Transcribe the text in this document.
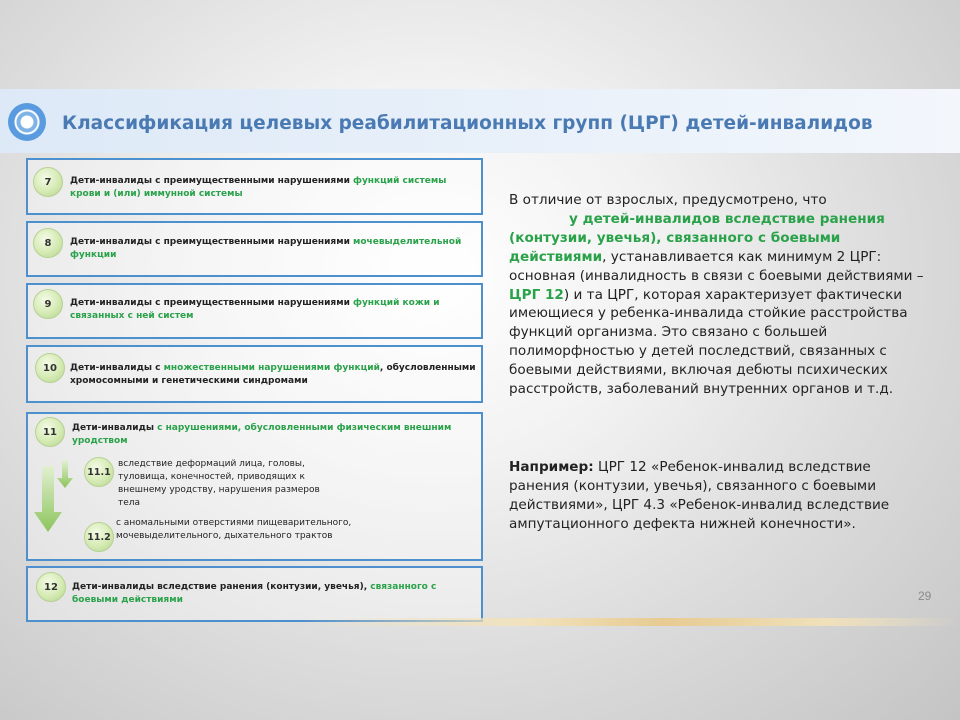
Классификация целевых реабилитационных групп (ЦРГ) детей-инвалидов
7	Дети-инвалиды с преимущественными нарушениями функций системы крови и (или) иммунной системы
8	Дети-инвалиды с преимущественными нарушениями мочевыделительной функции
9	Дети-инвалиды с преимущественными нарушениями функций кожи и связанных с ней систем
10	Дети-инвалиды с множественными нарушениями функций, обусловленными хромосомными и генетическими синдромами
11	Дети-инвалиды с нарушениями, обусловленными физическим внешним уродством
11.1
вследствие деформаций лица, головы, туловища, конечностей, приводящих к внешнему уродству, нарушения размеров тела
11.2
с аномальными отверстиями пищеварительного, мочевыделительного, дыхательного трактов
12	Дети-инвалиды вследствие ранения (контузии, увечья), связанного с боевыми действиями
В отличие от взрослых, предусмотрено, что
у детей-инвалидов вследствие ранения (контузии, увечья), связанного с боевыми действиями, устанавливается как минимум 2 ЦРГ: основная (инвалидность в связи с боевыми действиями – ЦРГ 12) и та ЦРГ, которая характеризует фактически имеющиеся у ребенка-инвалида стойкие расстройства функций организма. Это связано с большей полиморфностью у детей последствий, связанных с боевыми действиями, включая дебюты психических расстройств, заболеваний внутренних органов и т.д.
Например: ЦРГ 12 «Ребенок-инвалид вследствие ранения (контузии, увечья), связанного с боевыми действиями», ЦРГ 4.3 «Ребенок-инвалид вследствие ампутационного дефекта нижней конечности».
29
